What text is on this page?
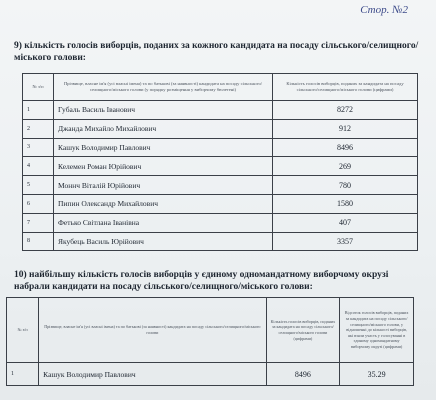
Стор. №2
9) кількість голосів виборців, поданих за кожного кандидата на посаду сільського/селищного/міського голови:
№ з/п	Прізвище, власне ім'я (усі власні імена) та по батькові (за наявності) кандидата на посаду сільського/селищного/міського голови (у порядку розміщення у виборчому бюлетені)	Кількість голосів виборців, поданих за кандидата на посаду сільського/селищного/міського голови (цифрами)
1	Губаль Василь Іванович	8272
2	Джанда Михайло Михайлович	912
3	Кашук Володимир Павлович	8496
4	Келемен Роман Юрійович	269
5	Моннч Віталій Юрійович	780
6	Пипин Олександр Михайлович	1580
7	Фетько Світлана Іванівна	407
8	Якубець Василь Юрійович	3357
10) найбільшу кількість голосів виборців у єдиному одномандатному виборчому окрузі набрали кандидати на посаду сільського/селищного/міського голови:
№ з/п	Прізвище, власне ім'я (усі власні імена) та по батькові (за наявності) кандидата на посаду сільського/селищного/міського голови	Кількість голосів виборців, поданих за кандидата на посаду сільського/селищного/міського голови (цифрами)	Відсоток голосів виборців, поданих за кандидата на посаду сільського/селищного/міського голови, у відношенні до кількості виборців, які взяли участь у голосуванні в єдиному одномандатному виборчому окрузі (цифрами)
1	Кашук Володимир Павлович	8496	35.29
